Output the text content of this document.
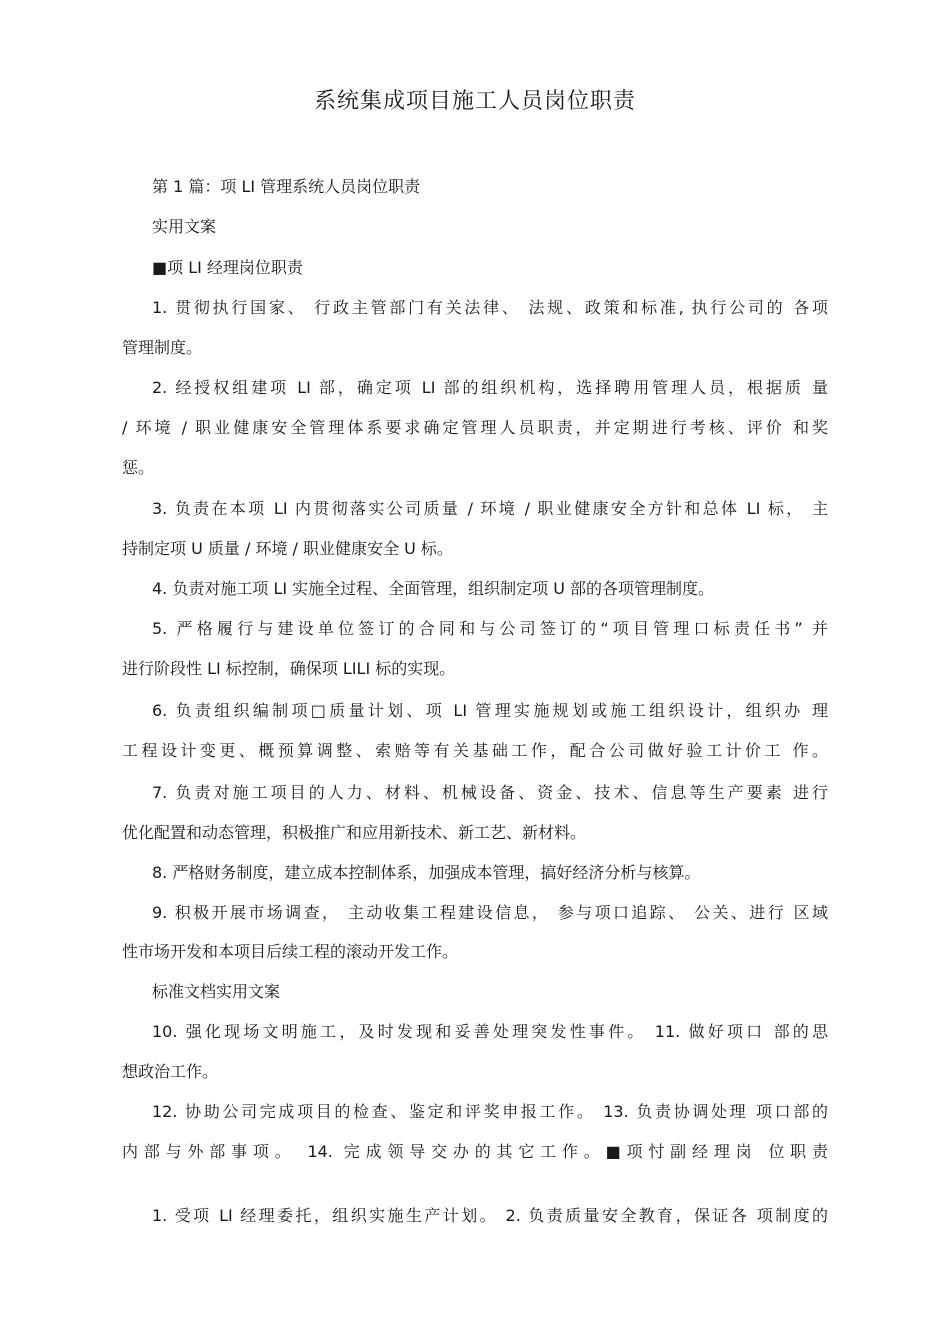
系统集成项目施工人员岗位职责
第 1 篇：项 LI 管理系统人员岗位职责
实用文案
■项 LI 经理岗位职责
1. 贯彻执行国家、 行政主管部门有关法律、 法规、政策和标准, 执行公司的 各项
管理制度。
2. 经授权组建项 LI 部，确定项 LI 部的组织机构，选择聘用管理人员，根据质 量
/ 环境 / 职业健康安全管理体系要求确定管理人员职责，并定期进行考核、评价 和奖
惩。
3. 负责在本项 LI 内贯彻落实公司质量 / 环境 / 职业健康安全方针和总体 LI 标， 主
持制定项 U 质量 / 环境 / 职业健康安全 U 标。
4. 负责对施工项 LI 实施全过程、全面管理，组织制定项 U 部的各项管理制度。
5. 严格履行与建设单位签订的合同和与公司签订的“项目管理口标责任书” 并
进行阶段性 LI 标控制，确保项 LILI 标的实现。
6. 负责组织编制项□质量计划、项 LI 管理实施规划或施工组织设计，组织办 理
工程设计变更、概预算调整、索赔等有关基础工作，配合公司做好验工计价工 作。
7. 负责对施工项目的人力、材料、机械设备、资金、技术、信息等生产要素 进行
优化配置和动态管理，积极推广和应用新技术、新工艺、新材料。
8. 严格财务制度，建立成本控制体系，加强成本管理，搞好经济分析与核算。
9. 积极开展市场调查， 主动收集工程建设信息， 参与项口追踪、 公关、进行 区域
性市场开发和本项目后续工程的滚动开发工作。
标准文档实用文案
10. 强化现场文明施工，及时发现和妥善处理突发性事件。 11. 做好项口 部的思
想政治工作。
12. 协助公司完成项目的检查、鉴定和评奖申报工作。 13. 负责协调处理 项口部的
内部与外部事项。 14. 完成领导交办的其它工作。■项忖副经理岗 位职责
1. 受项 LI 经理委托，组织实施生产计划。 2. 负责质量安全教育，保证各 项制度的
